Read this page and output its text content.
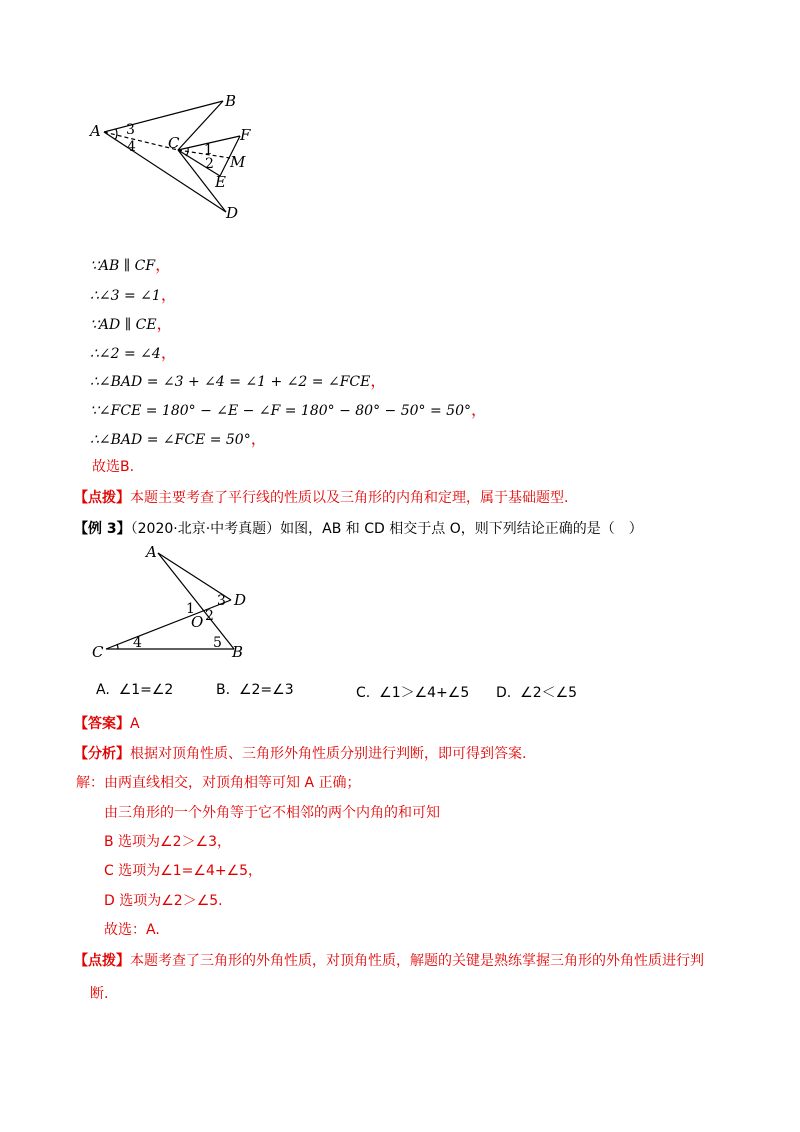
A
B
C
D
E
F
M
1
2
3
4
∵AB ∥ CF，
∴∠3 = ∠1，
∵AD ∥ CE，
∴∠2 = ∠4，
∴∠BAD = ∠3 + ∠4 = ∠1 + ∠2 = ∠FCE，
∵∠FCE = 180° − ∠E − ∠F = 180° − 80° − 50° = 50°，
∴∠BAD = ∠FCE = 50°，
故选B.
【点拨】本题主要考查了平行线的性质以及三角形的内角和定理，属于基础题型.
【例 3】（2020·北京·中考真题）如图，AB 和 CD 相交于点 O，则下列结论正确的是（　）
A
B
C
D
O
1 2
3
4	5
A. ∠1=∠2	B. ∠2=∠3	C. ∠1＞∠4+∠5 D. ∠2＜∠5
【答案】A
【分析】根据对顶角性质、三角形外角性质分别进行判断，即可得到答案.
解：由两直线相交，对顶角相等可知 A 正确；
由三角形的一个外角等于它不相邻的两个内角的和可知
B 选项为∠2＞∠3，
C 选项为∠1=∠4+∠5，
D 选项为∠2＞∠5.
故选：A.
【点拨】本题考查了三角形的外角性质，对顶角性质，解题的关键是熟练掌握三角形的外角性质进行判
断.
